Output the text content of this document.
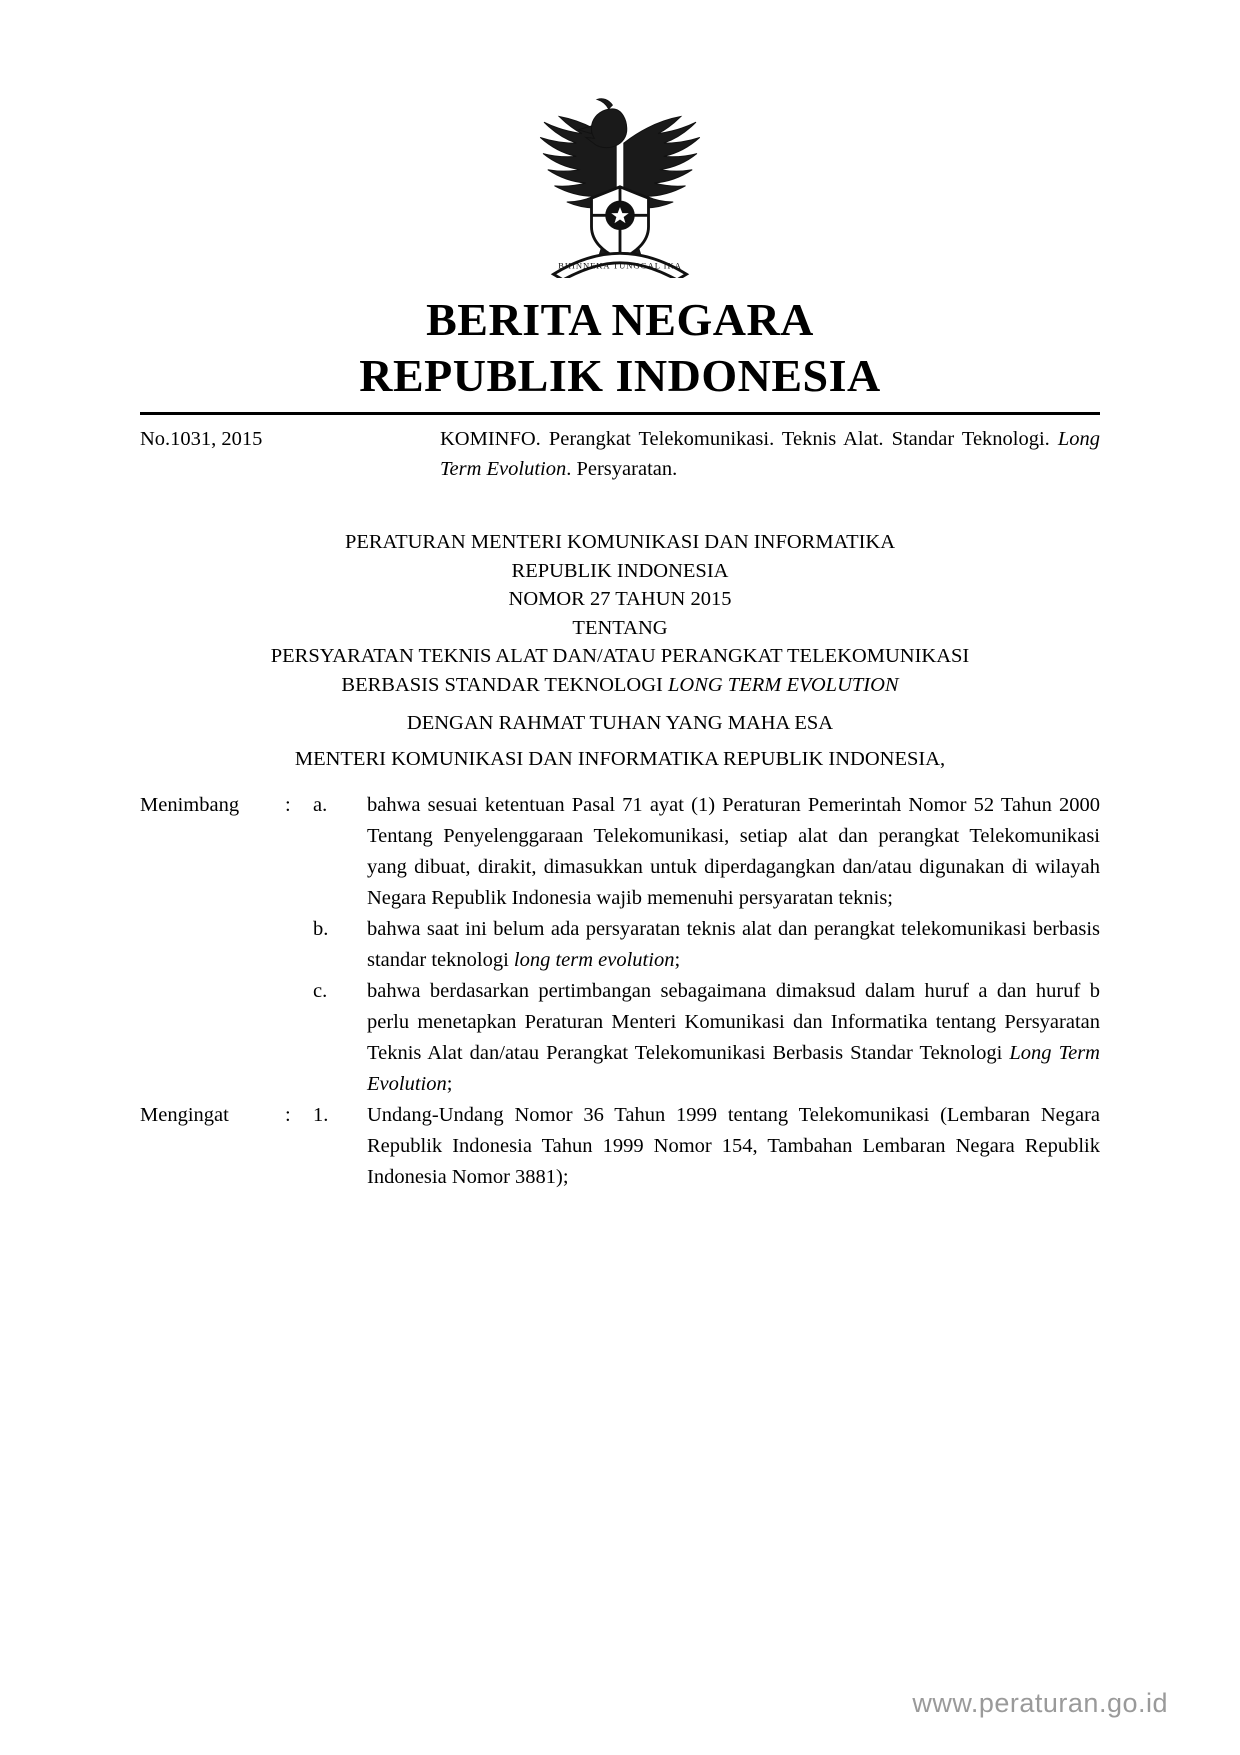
BHINNEKA TUNGGAL IKA
BERITA NEGARA
REPUBLIK INDONESIA
No.1031, 2015	KOMINFO. Perangkat Telekomunikasi. Teknis Alat. Standar Teknologi. Long Term Evolution. Persyaratan.
PERATURAN MENTERI KOMUNIKASI DAN INFORMATIKA
REPUBLIK INDONESIA
NOMOR 27 TAHUN 2015
TENTANG
PERSYARATAN TEKNIS ALAT DAN/ATAU PERANGKAT TELEKOMUNIKASI
BERBASIS STANDAR TEKNOLOGI LONG TERM EVOLUTION
DENGAN RAHMAT TUHAN YANG MAHA ESA
MENTERI KOMUNIKASI DAN INFORMATIKA REPUBLIK INDONESIA,
Menimbang	:	a.	bahwa sesuai ketentuan Pasal 71 ayat (1) Peraturan Pemerintah Nomor 52 Tahun 2000 Tentang Penyelenggaraan Telekomunikasi, setiap alat dan perangkat Telekomunikasi yang dibuat, dirakit, dimasukkan untuk diperdagangkan dan/atau digunakan di wilayah Negara Republik Indonesia wajib memenuhi persyaratan teknis;
b.	bahwa saat ini belum ada persyaratan teknis alat dan perangkat telekomunikasi berbasis standar teknologi long term evolution;
c.	bahwa berdasarkan pertimbangan sebagaimana dimaksud dalam huruf a dan huruf b perlu menetapkan Peraturan Menteri Komunikasi dan Informatika tentang Persyaratan Teknis Alat dan/atau Perangkat Telekomunikasi Berbasis Standar Teknologi Long Term Evolution;
Mengingat	:	1.	Undang-Undang Nomor 36 Tahun 1999 tentang Telekomunikasi (Lembaran Negara Republik Indonesia Tahun 1999 Nomor 154, Tambahan Lembaran Negara Republik Indonesia Nomor 3881);
www.peraturan.go.id
